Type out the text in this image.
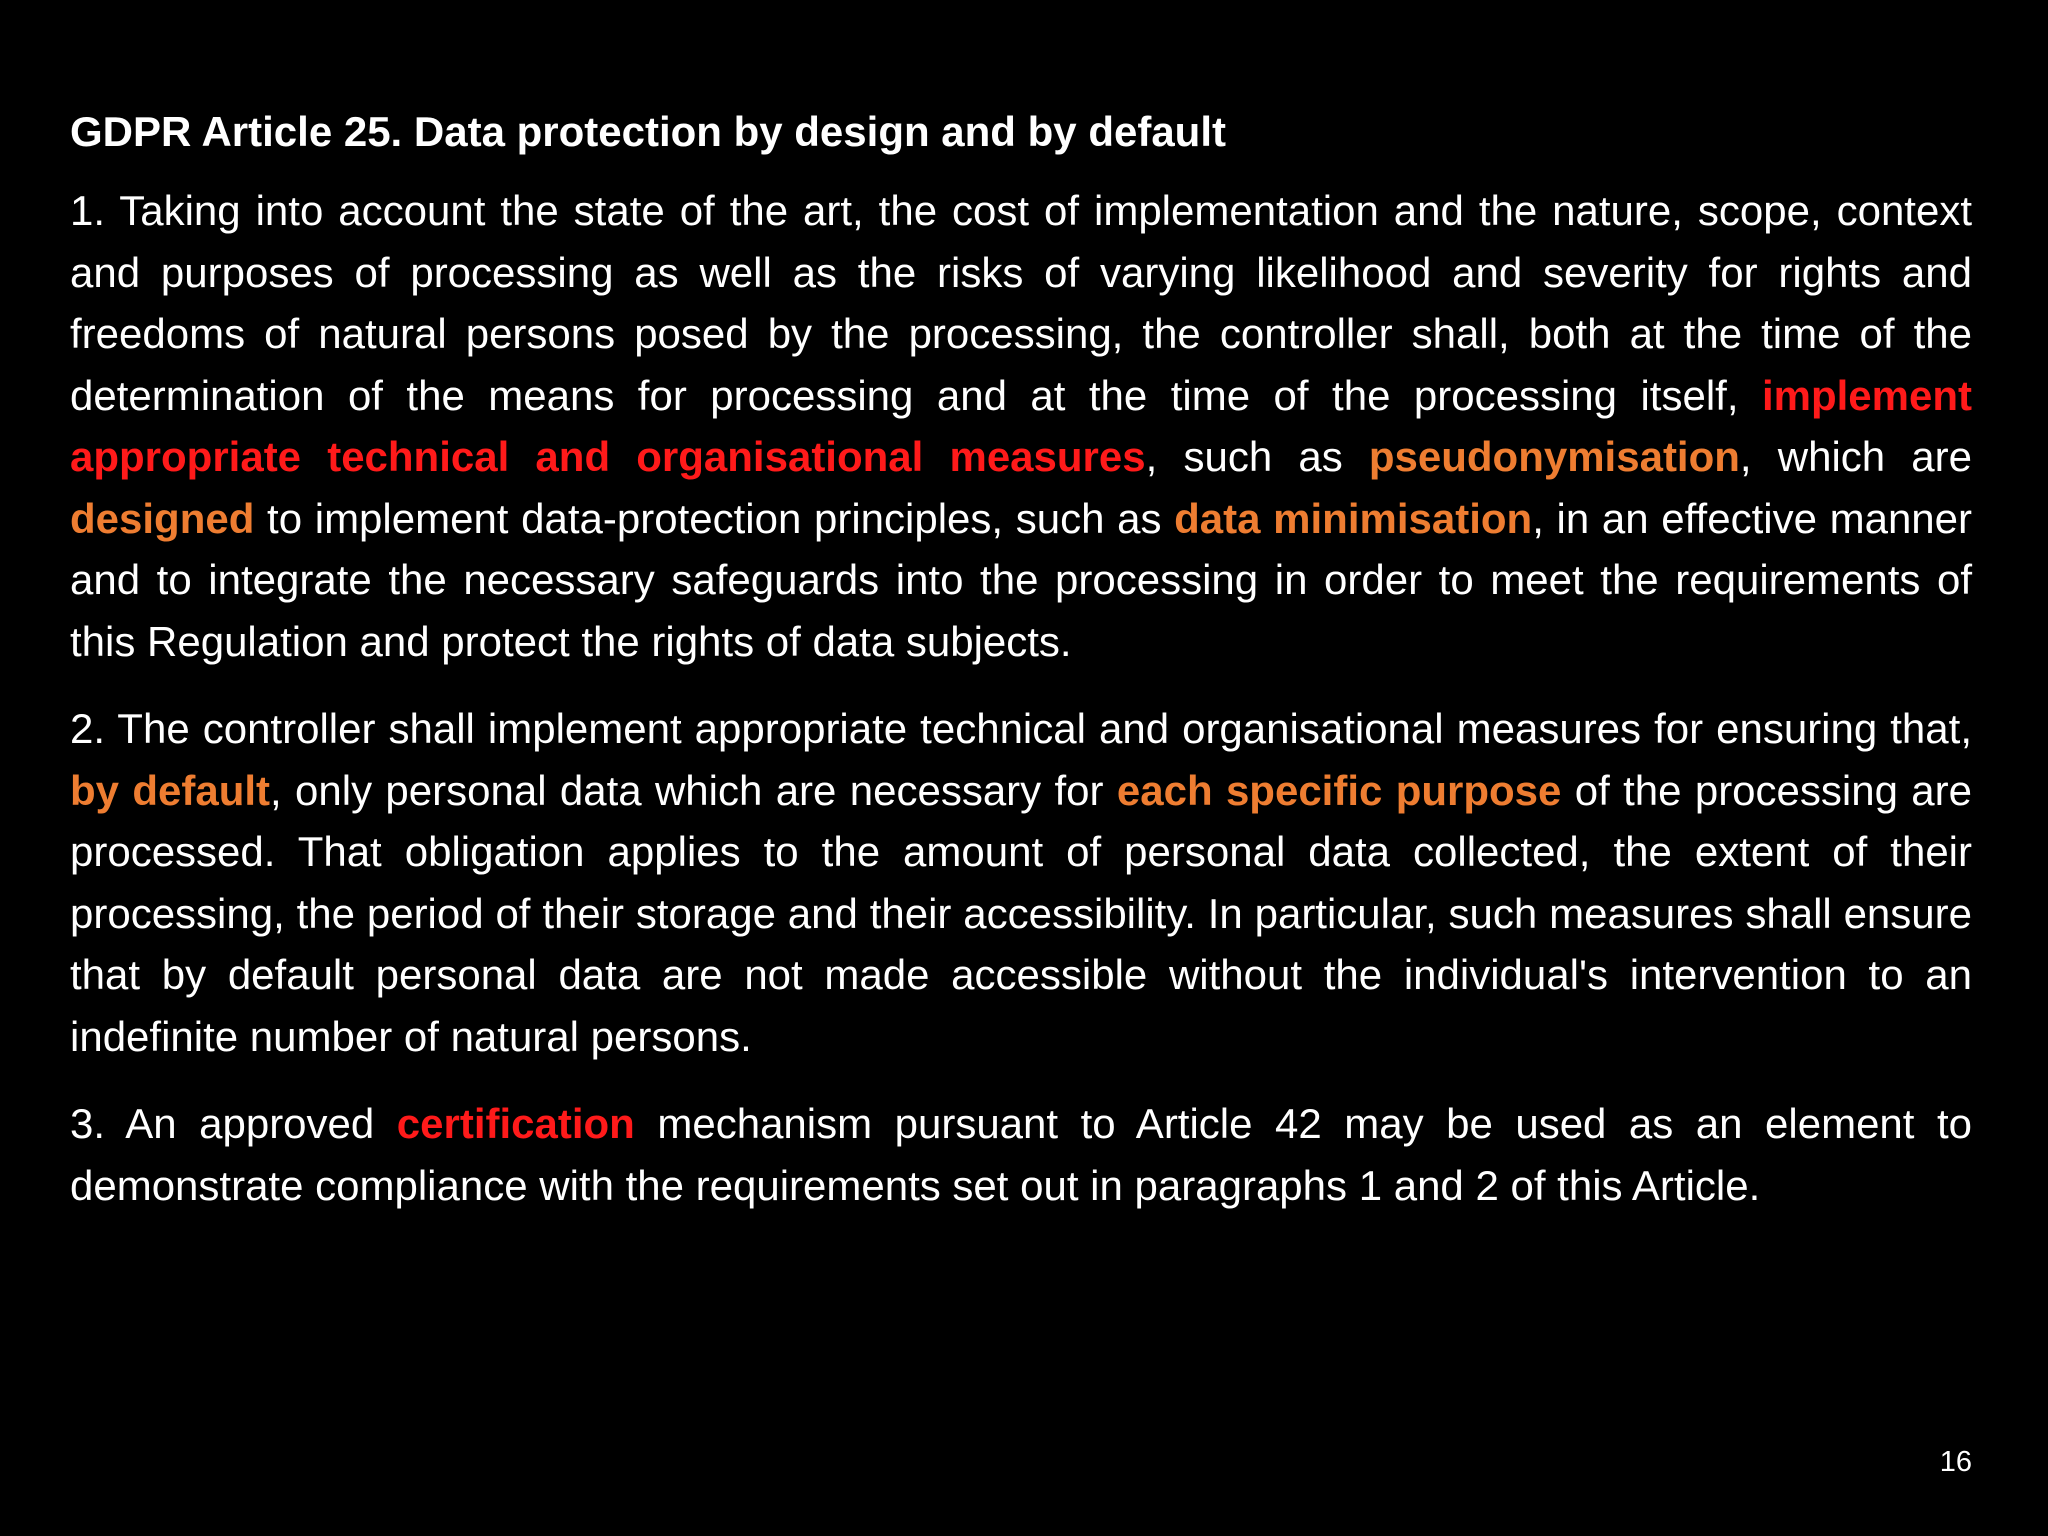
GDPR Article 25. Data protection by design and by default

1. Taking into account the state of the art, the cost of implementation and the nature, scope, context and purposes of processing as well as the risks of varying likelihood and severity for rights and freedoms of natural persons posed by the processing, the controller shall, both at the time of the determination of the means for processing and at the time of the processing itself, implement appropriate technical and organisational measures, such as pseudonymisation, which are designed to implement data-protection principles, such as data minimisation, in an effective manner and to integrate the necessary safeguards into the processing in order to meet the requirements of this Regulation and protect the rights of data subjects.

2. The controller shall implement appropriate technical and organisational measures for ensuring that, by default, only personal data which are necessary for each specific purpose of the processing are processed. That obligation applies to the amount of personal data collected, the extent of their processing, the period of their storage and their accessibility. In particular, such measures shall ensure that by default personal data are not made accessible without the individual's intervention to an indefinite number of natural persons.

3. An approved certification mechanism pursuant to Article 42 may be used as an element to demonstrate compliance with the requirements set out in paragraphs 1 and 2 of this Article.

16
